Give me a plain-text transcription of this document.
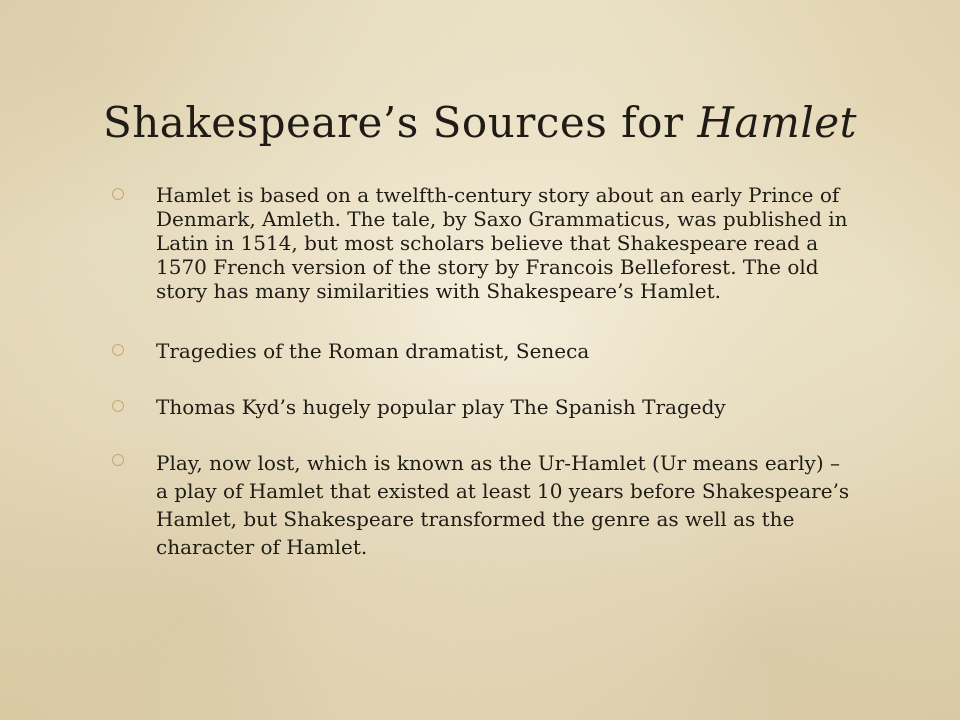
Shakespeare’s Sources for Hamlet
Hamlet is based on a twelfth-century story about an early Prince of Denmark, Amleth. The tale, by Saxo Grammaticus, was published in Latin in 1514, but most scholars believe that Shakespeare read a 1570 French version of the story by Francois Belleforest. The old story has many similarities with Shakespeare’s Hamlet.
Tragedies of the Roman dramatist, Seneca
Thomas Kyd’s hugely popular play The Spanish Tragedy
Play, now lost, which is known as the Ur-Hamlet (Ur means early) – a play of Hamlet that existed at least 10 years before Shakespeare’s Hamlet, but Shakespeare transformed the genre as well as the character of Hamlet.
